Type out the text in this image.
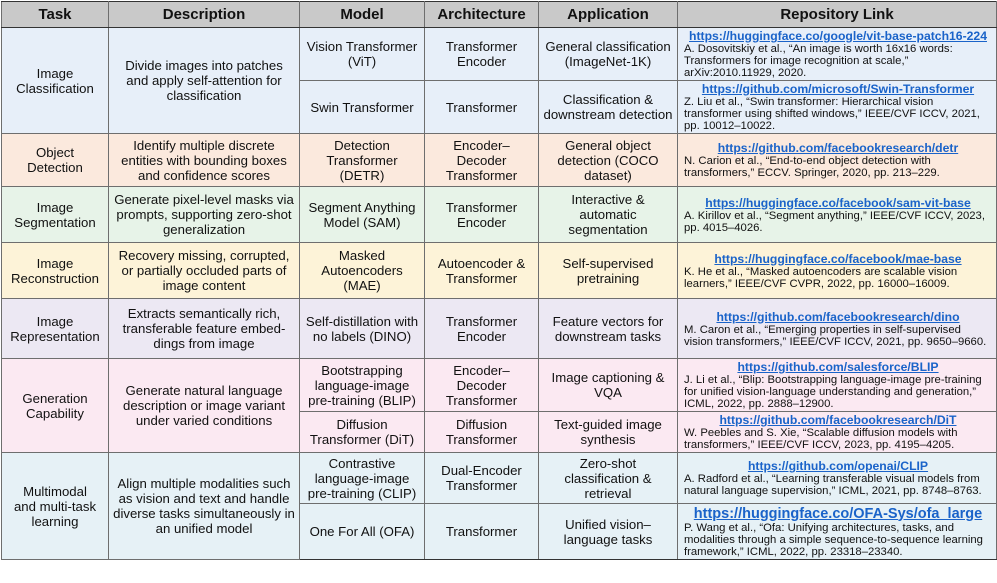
Task	Description	Model	Architecture	Application	Repository Link

Image
Classification	Divide images into patches and apply self-attention for classification	Vision Transformer (ViT)	Transformer Encoder	General classification (ImageNet-1K)	https://huggingface.co/google/vit-base-patch16-224
A. Dosovitskiy et al., “An image is worth 16x16 words: Transformers for image recognition at scale,” arXiv:2010.11929, 2020.
		Swin Transformer	Transformer	Classification & downstream detection	https://github.com/microsoft/Swin-Transformer
Z. Liu et al., “Swin transformer: Hierarchical vision transformer using shifted windows,” IEEE/CVF ICCV, 2021, pp. 10012–10022.

Object
Detection	Identify multiple discrete entities with bounding boxes and confidence scores	Detection Transformer (DETR)	Encoder– Decoder Transformer	General object detection (COCO dataset)	https://github.com/facebookresearch/detr
N. Carion et al., “End-to-end object detection with transformers,” ECCV. Springer, 2020, pp. 213–229.

Image
Segmentation	Generate pixel-level masks via prompts, supporting zero-shot generalization	Segment Anything Model (SAM)	Transformer Encoder	Interactive & automatic segmentation	https://huggingface.co/facebook/sam-vit-base
A. Kirillov et al., “Segment anything,” IEEE/CVF ICCV, 2023, pp. 4015–4026.

Image
Reconstruction	Recovery missing, corrupted, or partially occluded parts of image content	Masked Autoencoders (MAE)	Autoencoder & Transformer	Self-supervised pretraining	https://huggingface.co/facebook/mae-base
K. He et al., “Masked autoencoders are scalable vision learners,” IEEE/CVF CVPR, 2022, pp. 16000–16009.

Image
Representation	Extracts semantically rich, transferable feature embed- dings from image	Self-distillation with no labels (DINO)	Transformer Encoder	Feature vectors for downstream tasks	https://github.com/facebookresearch/dino
M. Caron et al., “Emerging properties in self-supervised vision transformers,” IEEE/CVF ICCV, 2021, pp. 9650–9660.

Generation
Capability	Generate natural language description or image variant under varied conditions	Bootstrapping language-image pre-training (BLIP)	Encoder– Decoder Transformer	Image captioning & VQA	https://github.com/salesforce/BLIP
J. Li et al., “Blip: Bootstrapping language-image pre-training for unified vision-language understanding and generation,” ICML, 2022, pp. 2888–12900.
		Diffusion Transformer (DiT)	Diffusion Transformer	Text-guided image synthesis	https://github.com/facebookresearch/DiT
W. Peebles and S. Xie, “Scalable diffusion models with transformers,” IEEE/CVF ICCV, 2023, pp. 4195–4205.

Multimodal
and multi-task
learning	Align multiple modalities such as vision and text and handle diverse tasks simultaneously in an unified model	Contrastive language-image pre-training (CLIP)	Dual-Encoder Transformer	Zero-shot classification & retrieval	https://github.com/openai/CLIP
A. Radford et al., “Learning transferable visual models from natural language supervision,” ICML, 2021, pp. 8748–8763.
		One For All (OFA)	Transformer	Unified vision– language tasks	https://huggingface.co/OFA-Sys/ofa_large
P. Wang et al., “Ofa: Unifying architectures, tasks, and modalities through a simple sequence-to-sequence learning framework,” ICML, 2022, pp. 23318–23340.
